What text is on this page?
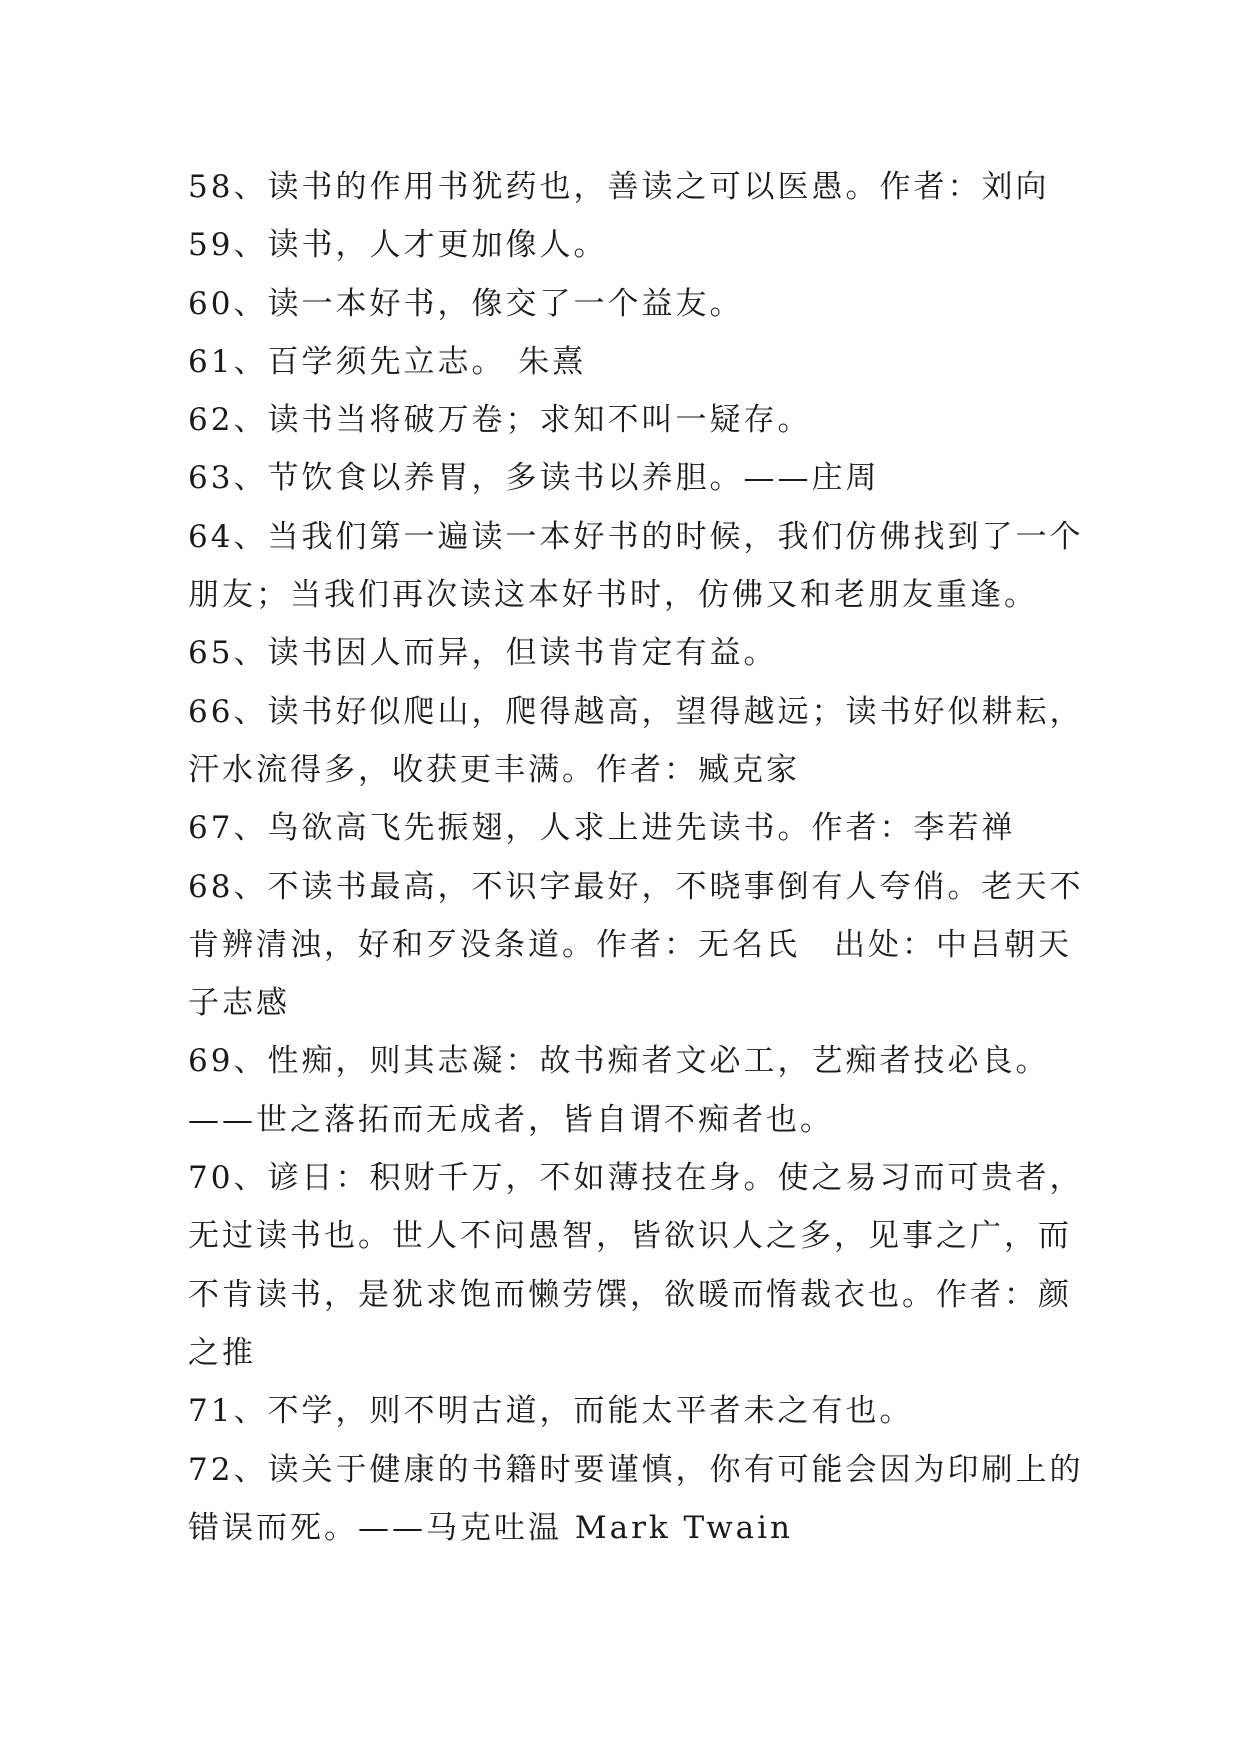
58、读书的作用书犹药也，善读之可以医愚。作者：刘向
59、读书，人才更加像人。
60、读一本好书，像交了一个益友。
61、百学须先立志。 朱熹
62、读书当将破万卷；求知不叫一疑存。
63、节饮食以养胃，多读书以养胆。——庄周
64、当我们第一遍读一本好书的时候，我们仿佛找到了一个
朋友；当我们再次读这本好书时，仿佛又和老朋友重逢。
65、读书因人而异，但读书肯定有益。
66、读书好似爬山，爬得越高，望得越远；读书好似耕耘，
汗水流得多，收获更丰满。作者：臧克家
67、鸟欲高飞先振翅，人求上进先读书。作者：李若禅
68、不读书最高，不识字最好，不晓事倒有人夸俏。老天不
肯辨清浊，好和歹没条道。作者：无名氏　出处：中吕朝天
子志感
69、性痴，则其志凝：故书痴者文必工，艺痴者技必良。
——世之落拓而无成者，皆自谓不痴者也。
70、谚日：积财千万，不如薄技在身。使之易习而可贵者，
无过读书也。世人不问愚智，皆欲识人之多，见事之广，而
不肯读书，是犹求饱而懒劳馔，欲暖而惰裁衣也。作者：颜
之推
71、不学，则不明古道，而能太平者未之有也。
72、读关于健康的书籍时要谨慎，你有可能会因为印刷上的
错误而死。——马克吐温 Mark Twain
